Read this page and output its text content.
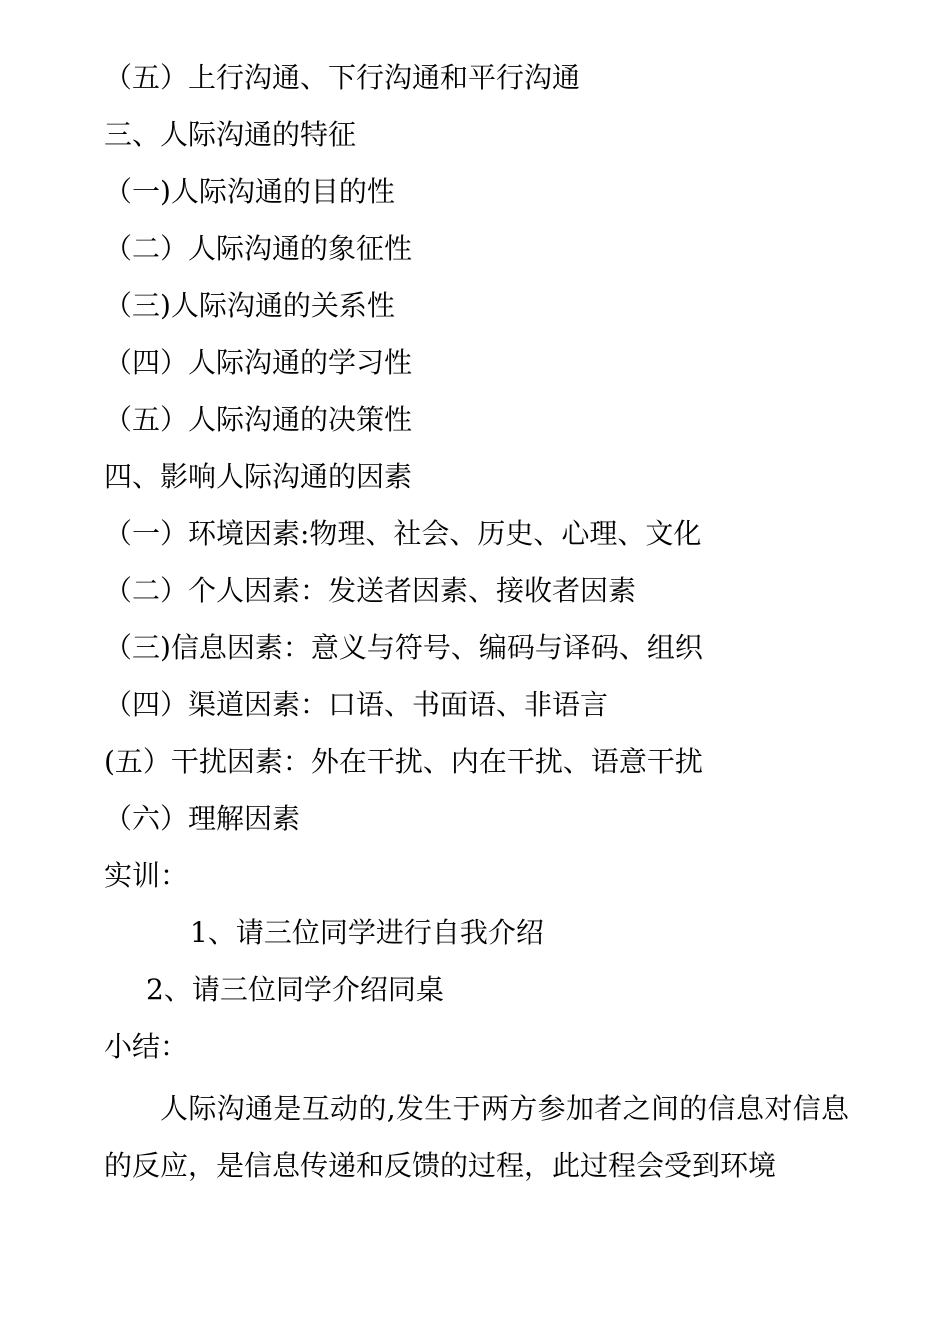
（五）上行沟通、下行沟通和平行沟通
三、人际沟通的特征
（一)人际沟通的目的性
（二）人际沟通的象征性
（三)人际沟通的关系性
（四）人际沟通的学习性
（五）人际沟通的决策性
四、影响人际沟通的因素
（一）环境因素:物理、社会、历史、心理、文化
（二）个人因素：发送者因素、接收者因素
（三)信息因素：意义与符号、编码与译码、组织
（四）渠道因素：口语、书面语、非语言
(五）干扰因素：外在干扰、内在干扰、语意干扰
（六）理解因素
实训：
1、请三位同学进行自我介绍
2、请三位同学介绍同桌
小结：
人际沟通是互动的,发生于两方参加者之间的信息对信息的反应，是信息传递和反馈的过程，此过程会受到环境
